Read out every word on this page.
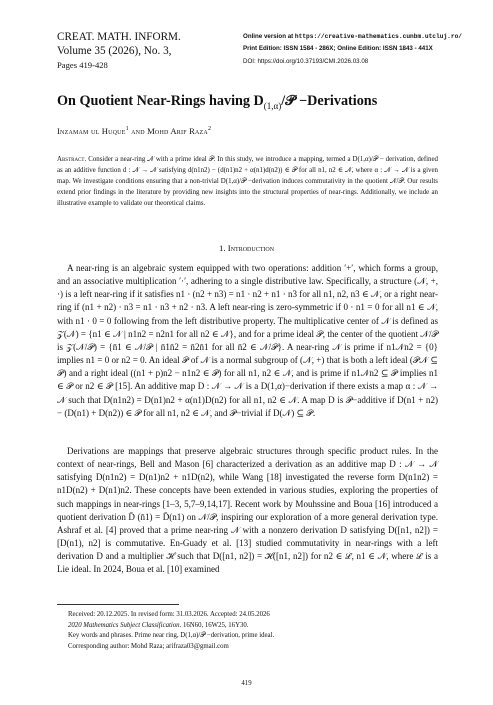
CREAT. MATH. INFORM.
Volume 35 (2026), No. 3,
Pages 419-428
Online version at https://creative-mathematics.cunbm.utcluj.ro/
Print Edition: ISSN 1584 - 286X; Online Edition: ISSN 1843 - 441X
DOI: https://doi.org/10.37193/CMI.2026.03.08
On Quotient Near-Rings having $D_{(1,\alpha)}/𝒫$ −Derivations
Inzamam ul Huque$^1$ and Mohd Arif Raza$^2$
Abstract. Consider a near-ring 𝒩 with a prime ideal 𝒫. In this study, we introduce a mapping, termed a D(1,α)/𝒫 − derivation, defined as an additive function d : 𝒩 → 𝒩 satisfying d(n1n2) − (d(n1)n2 + α(n1)d(n2)) ∈ 𝒫 for all n1, n2 ∈ 𝒩, where α : 𝒩 → 𝒩 is a given map. We investigate conditions ensuring that a non-trivial D(1,α)/𝒫 −derivation induces commutativity in the quotient 𝒩/𝒫. Our results extend prior findings in the literature by providing new insights into the structural properties of near-rings. Additionally, we include an illustrative example to validate our theoretical claims.
1. Introduction
A near-ring is an algebraic system equipped with two operations: addition ′+′, which forms a group, and an associative multiplication ′·′, adhering to a single distributive law. Specifically, a structure (𝒩, +, ·) is a left near-ring if it satisfies n1 · (n2 + n3) = n1 · n2 + n1 · n3 for all n1, n2, n3 ∈ 𝒩, or a right near-ring if (n1 + n2) · n3 = n1 · n3 + n2 · n3. A left near-ring is zero-symmetric if 0 · n1 = 0 for all n1 ∈ 𝒩, with n1 · 0 = 0 following from the left distributive property. The multiplicative center of 𝒩 is defined as 𝒵(𝒩) = {n1 ∈ 𝒩 | n1n2 = n2n1 for all n2 ∈ 𝒩}, and for a prime ideal 𝒫, the center of the quotient 𝒩/𝒫 is 𝒵(𝒩/𝒫) = {n̄1 ∈ 𝒩/𝒫 | n̄1n̄2 = n̄2n̄1 for all n̄2 ∈ 𝒩/𝒫}. A near-ring 𝒩 is prime if n1𝒩n2 = {0} implies n1 = 0 or n2 = 0. An ideal 𝒫 of 𝒩 is a normal subgroup of (𝒩, +) that is both a left ideal (𝒫𝒩 ⊆ 𝒫) and a right ideal ((n1 + p)n2 − n1n2 ∈ 𝒫) for all n1, n2 ∈ 𝒩, and is prime if n1𝒩n2 ⊆ 𝒫 implies n1 ∈ 𝒫 or n2 ∈ 𝒫 [15]. An additive map D : 𝒩 → 𝒩 is a D(1,α)−derivation if there exists a map α : 𝒩 → 𝒩 such that D(n1n2) = D(n1)n2 + α(n1)D(n2) for all n1, n2 ∈ 𝒩. A map D is 𝒫−additive if D(n1 + n2) − (D(n1) + D(n2)) ∈ 𝒫 for all n1, n2 ∈ 𝒩, and 𝒫−trivial if D(𝒩) ⊆ 𝒫.
Derivations are mappings that preserve algebraic structures through specific product rules. In the context of near-rings, Bell and Mason [6] characterized a derivation as an additive map D : 𝒩 → 𝒩 satisfying D(n1n2) = D(n1)n2 + n1D(n2), while Wang [18] investigated the reverse form D(n1n2) = n1D(n2) + D(n1)n2. These concepts have been extended in various studies, exploring the properties of such mappings in near-rings [1–3, 5,7–9,14,17]. Recent work by Mouhssine and Boua [16] introduced a quotient derivation D̄ (n̄1) = D̄(n1) on 𝒩/𝒫, inspiring our exploration of a more general derivation type. Ashraf et al. [4] proved that a prime near-ring 𝒩 with a nonzero derivation D satisfying D([n1, n2]) = [D(n1), n2] is commutative. En-Guady et al. [13] studied commutativity in near-rings with a left derivation D and a multiplier ℋ such that D([n1, n2]) = ℋ([n1, n2]) for n2 ∈ ℒ, n1 ∈ 𝒩, where ℒ is a Lie ideal. In 2024, Boua et al. [10] examined
Received: 20.12.2025. In revised form: 31.03.2026. Accepted: 24.05.2026
2020 Mathematics Subject Classification. 16N60, 16W25, 16Y30.
Key words and phrases. Prime near ring, D(1,α)/𝒫 −derivation, prime ideal.
Corresponding author: Mohd Raza; arifraza03@gmail.com
419
